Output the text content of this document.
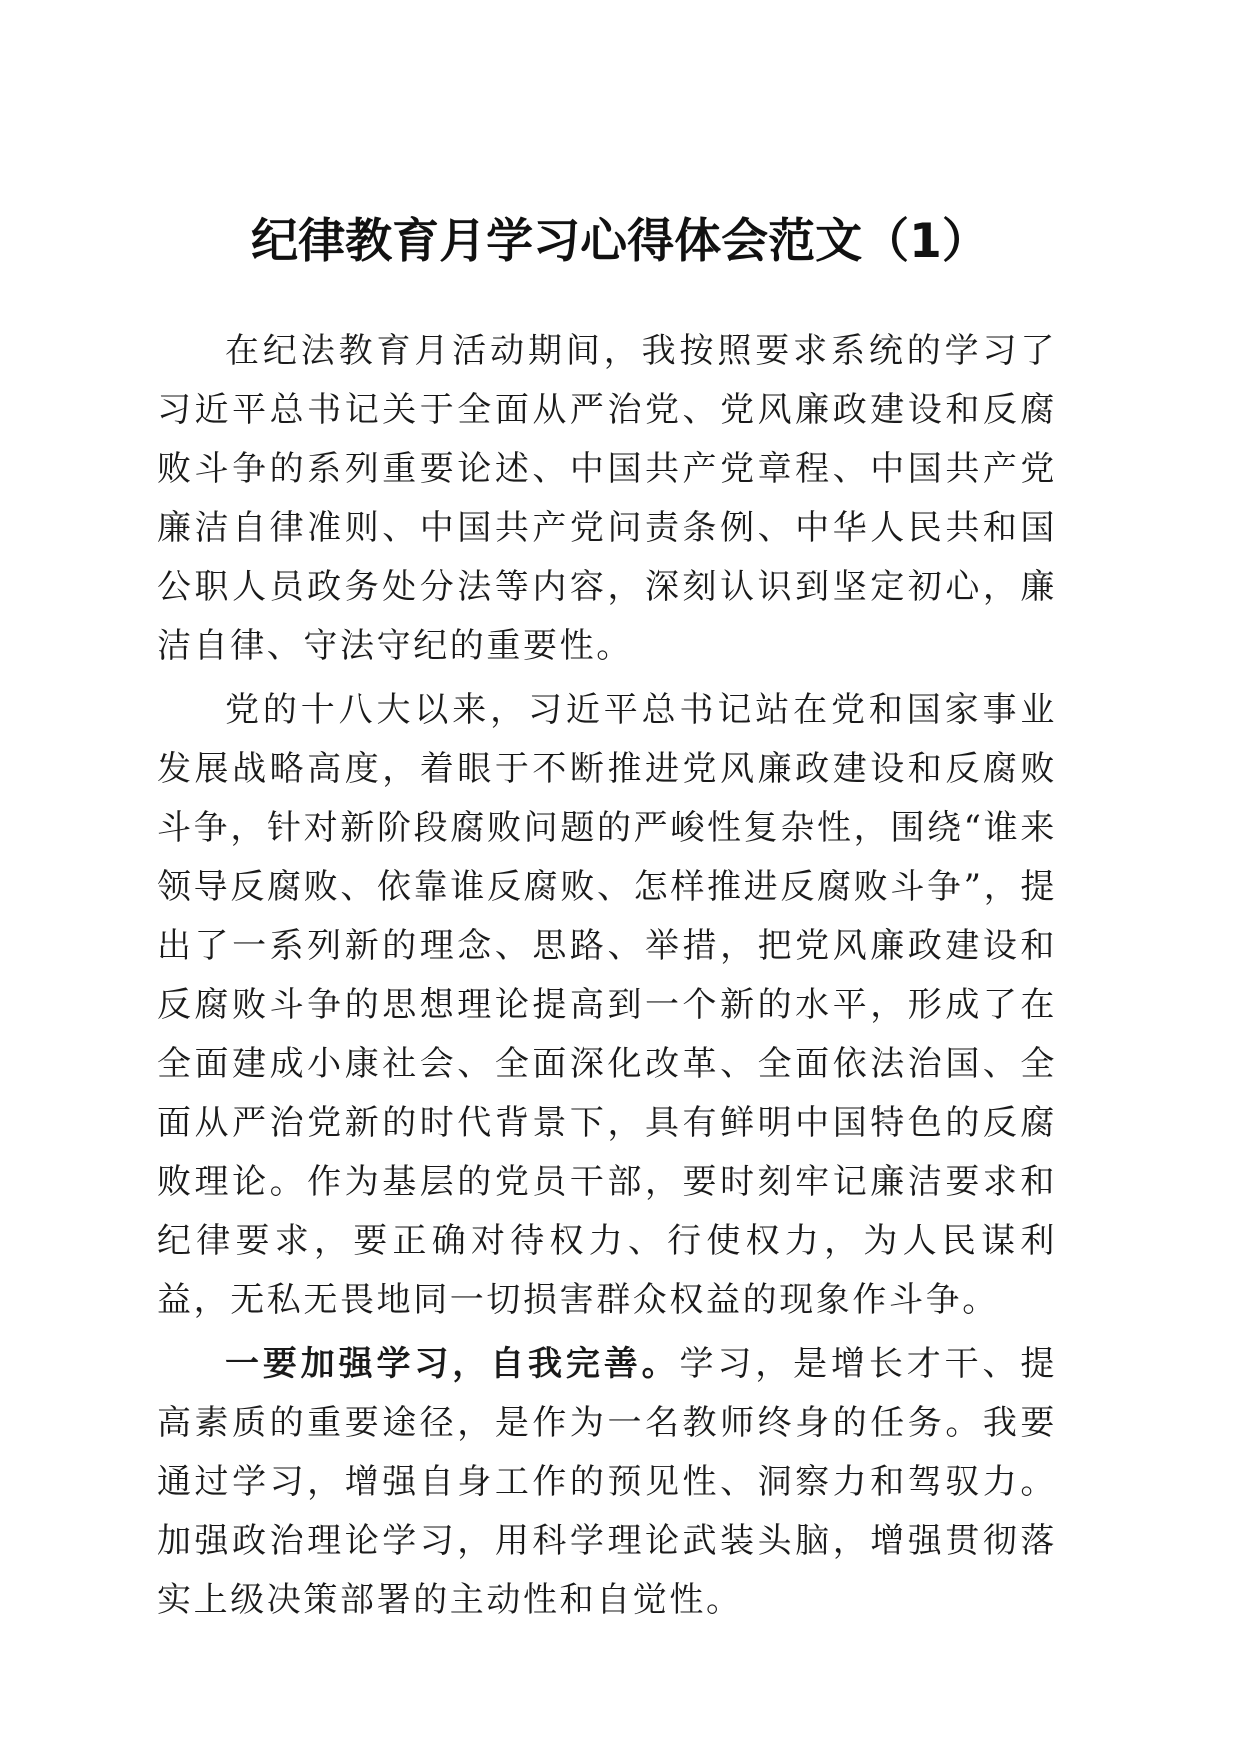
纪律教育月学习心得体会范文（1）

在纪法教育月活动期间，我按照要求系统的学习了习近平总书记关于全面从严治党、党风廉政建设和反腐败斗争的系列重要论述、中国共产党章程、中国共产党廉洁自律准则、中国共产党问责条例、中华人民共和国公职人员政务处分法等内容，深刻认识到坚定初心，廉洁自律、守法守纪的重要性。

党的十八大以来，习近平总书记站在党和国家事业发展战略高度，着眼于不断推进党风廉政建设和反腐败斗争，针对新阶段腐败问题的严峻性复杂性，围绕“谁来领导反腐败、依靠谁反腐败、怎样推进反腐败斗争”，提出了一系列新的理念、思路、举措，把党风廉政建设和反腐败斗争的思想理论提高到一个新的水平，形成了在全面建成小康社会、全面深化改革、全面依法治国、全面从严治党新的时代背景下，具有鲜明中国特色的反腐败理论。作为基层的党员干部，要时刻牢记廉洁要求和纪律要求，要正确对待权力、行使权力，为人民谋利益，无私无畏地同一切损害群众权益的现象作斗争。

一要加强学习，自我完善。学习，是增长才干、提高素质的重要途径，是作为一名教师终身的任务。我要通过学习，增强自身工作的预见性、洞察力和驾驭力。加强政治理论学习，用科学理论武装头脑，增强贯彻落实上级决策部署的主动性和自觉性。
